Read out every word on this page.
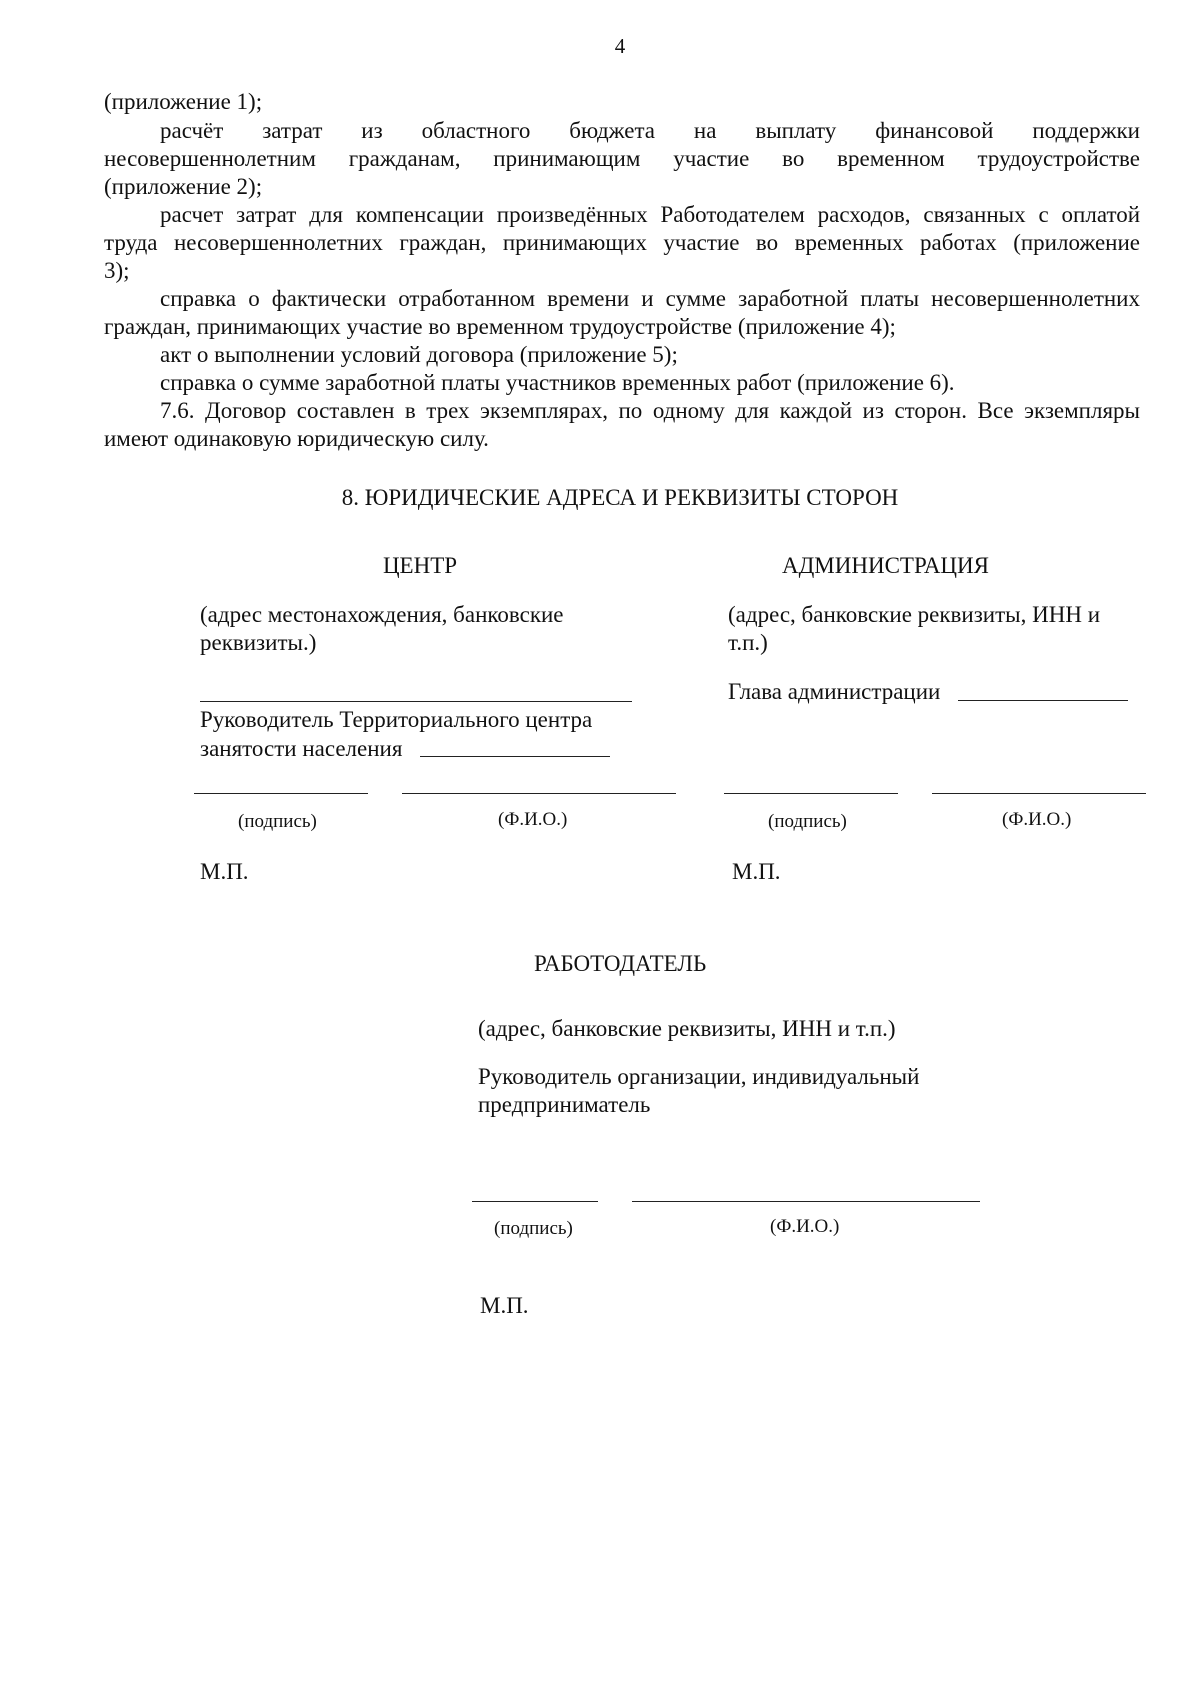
4
(приложение 1);
расчёт затрат из областного бюджета на выплату финансовой поддержки
несовершеннолетним гражданам, принимающим участие во временном трудоустройстве
(приложение 2);
расчет затрат для компенсации произведённых Работодателем расходов, связанных с оплатой
труда несовершеннолетних граждан, принимающих участие во временных работах (приложение
3);
справка о фактически отработанном времени и сумме заработной платы несовершеннолетних
граждан, принимающих участие во временном трудоустройстве (приложение 4);
акт о выполнении условий договора (приложение 5);
справка о сумме заработной платы участников временных работ (приложение 6).
7.6. Договор составлен в трех экземплярах, по одному для каждой из сторон. Все экземпляры
имеют одинаковую юридическую силу.
8. ЮРИДИЧЕСКИЕ АДРЕСА И РЕКВИЗИТЫ СТОРОН
ЦЕНТР
(адрес местонахождения, банковские
реквизиты.)
Руководитель Территориального центра
занятости населения
(подпись)	(Ф.И.О.)
М.П.
АДМИНИСТРАЦИЯ
(адрес, банковские реквизиты, ИНН и
т.п.)
Глава администрации
(подпись)	(Ф.И.О.)
М.П.
РАБОТОДАТЕЛЬ
(адрес, банковские реквизиты, ИНН и т.п.)
Руководитель организации, индивидуальный
предприниматель
(подпись)	(Ф.И.О.)
М.П.
